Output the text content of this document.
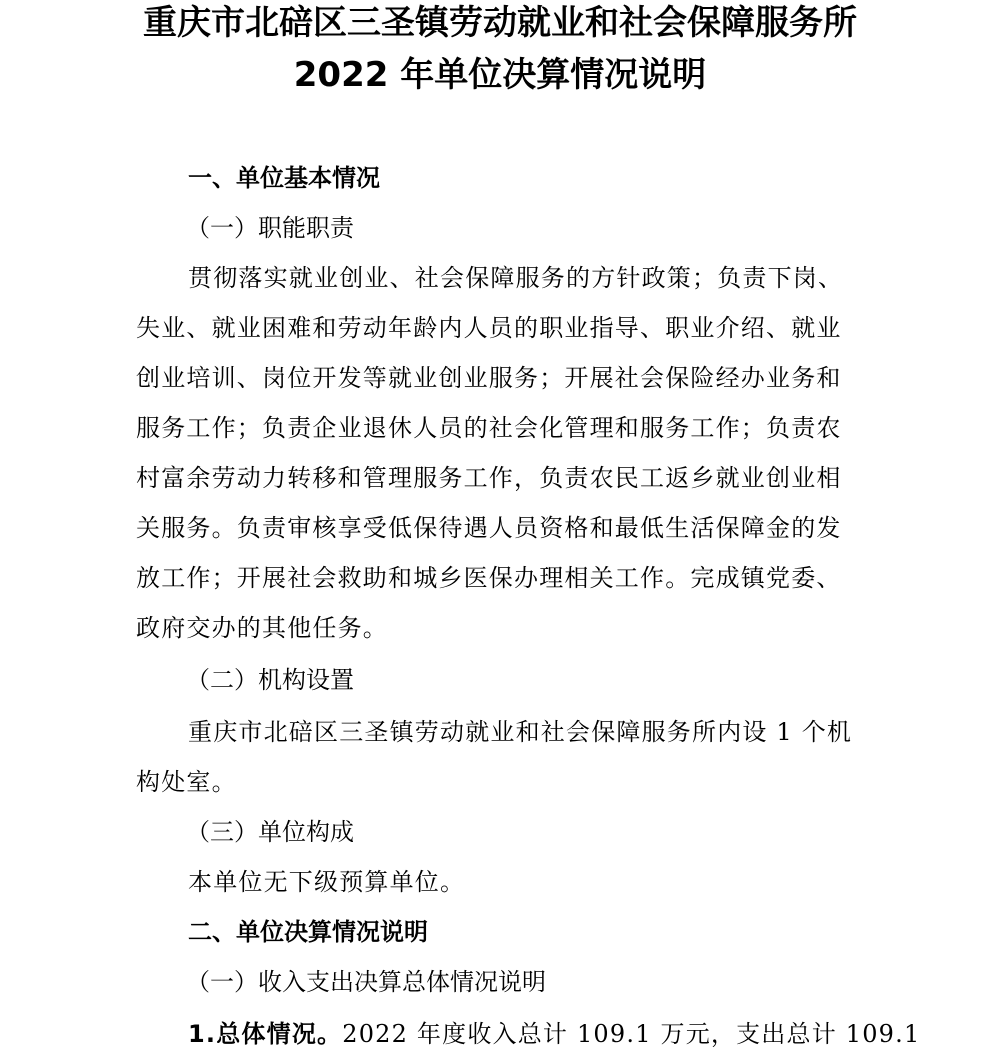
重庆市北碚区三圣镇劳动就业和社会保障服务所
2022 年单位决算情况说明
一、单位基本情况
（一）职能职责
贯彻落实就业创业、社会保障服务的方针政策；负责下岗、
失业、就业困难和劳动年龄内人员的职业指导、职业介绍、就业
创业培训、岗位开发等就业创业服务；开展社会保险经办业务和
服务工作；负责企业退休人员的社会化管理和服务工作；负责农
村富余劳动力转移和管理服务工作，负责农民工返乡就业创业相
关服务。负责审核享受低保待遇人员资格和最低生活保障金的发
放工作；开展社会救助和城乡医保办理相关工作。完成镇党委、
政府交办的其他任务。
（二）机构设置
重庆市北碚区三圣镇劳动就业和社会保障服务所内设 1 个机
构处室。
（三）单位构成
本单位无下级预算单位。
二、单位决算情况说明
（一）收入支出决算总体情况说明
1.总体情况。2022 年度收入总计 109.1 万元，支出总计 109.1
